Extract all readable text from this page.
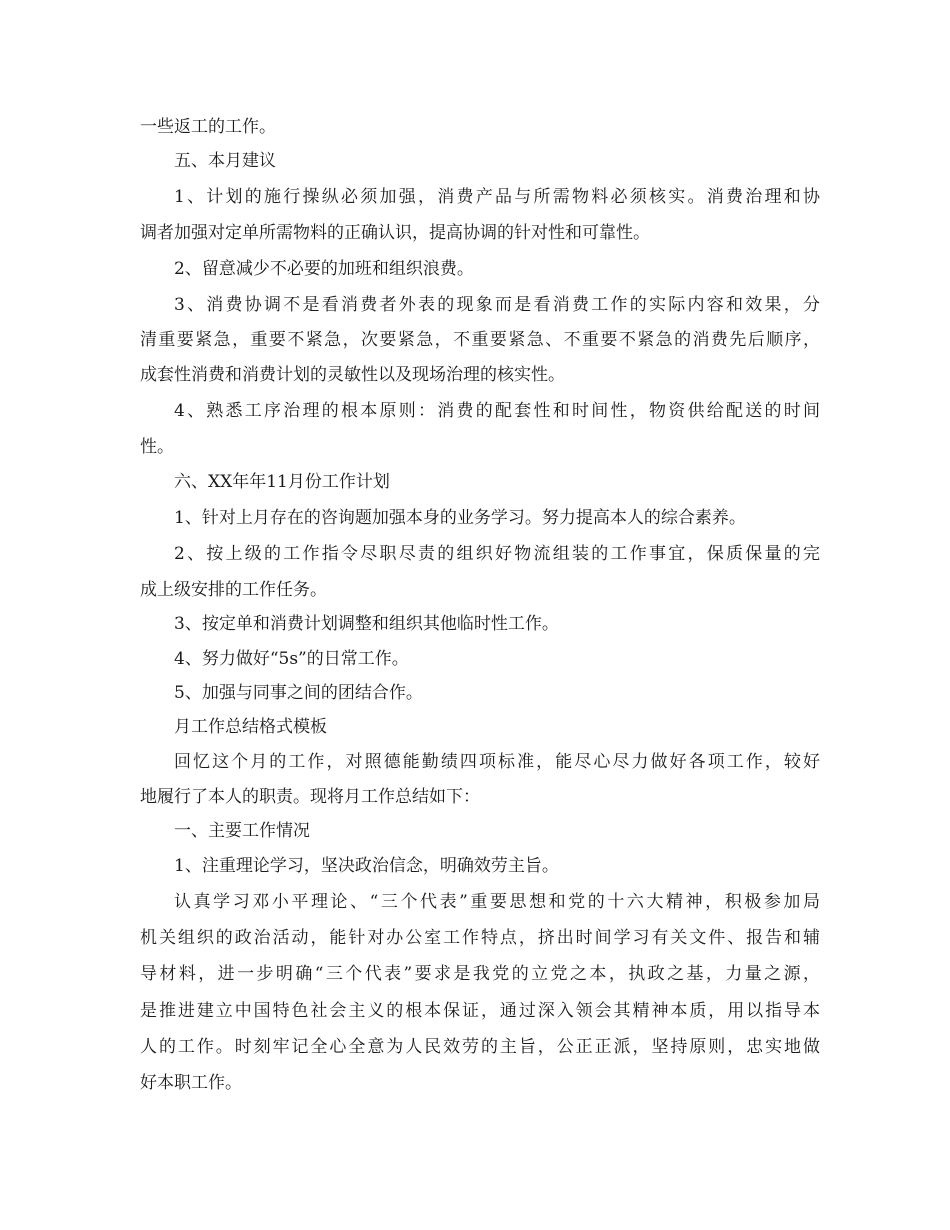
一些返工的工作。
五、本月建议
1、计划的施行操纵必须加强，消费产品与所需物料必须核实。消费治理和协
调者加强对定单所需物料的正确认识，提高协调的针对性和可靠性。
2、留意减少不必要的加班和组织浪费。
3、消费协调不是看消费者外表的现象而是看消费工作的实际内容和效果，分
清重要紧急，重要不紧急，次要紧急，不重要紧急、不重要不紧急的消费先后顺序，
成套性消费和消费计划的灵敏性以及现场治理的核实性。
4、熟悉工序治理的根本原则：消费的配套性和时间性，物资供给配送的时间
性。
六、XX年年11月份工作计划
1、针对上月存在的咨询题加强本身的业务学习。努力提高本人的综合素养。
2、按上级的工作指令尽职尽责的组织好物流组装的工作事宜，保质保量的完
成上级安排的工作任务。
3、按定单和消费计划调整和组织其他临时性工作。
4、努力做好“5s”的日常工作。
5、加强与同事之间的团结合作。
月工作总结格式模板
回忆这个月的工作，对照德能勤绩四项标准，能尽心尽力做好各项工作，较好
地履行了本人的职责。现将月工作总结如下：
一、主要工作情况
1、注重理论学习，坚决政治信念，明确效劳主旨。
认真学习邓小平理论、“三个代表”重要思想和党的十六大精神，积极参加局
机关组织的政治活动，能针对办公室工作特点，挤出时间学习有关文件、报告和辅
导材料，进一步明确“三个代表”要求是我党的立党之本，执政之基，力量之源，
是推进建立中国特色社会主义的根本保证，通过深入领会其精神本质，用以指导本
人的工作。时刻牢记全心全意为人民效劳的主旨，公正正派，坚持原则，忠实地做
好本职工作。
